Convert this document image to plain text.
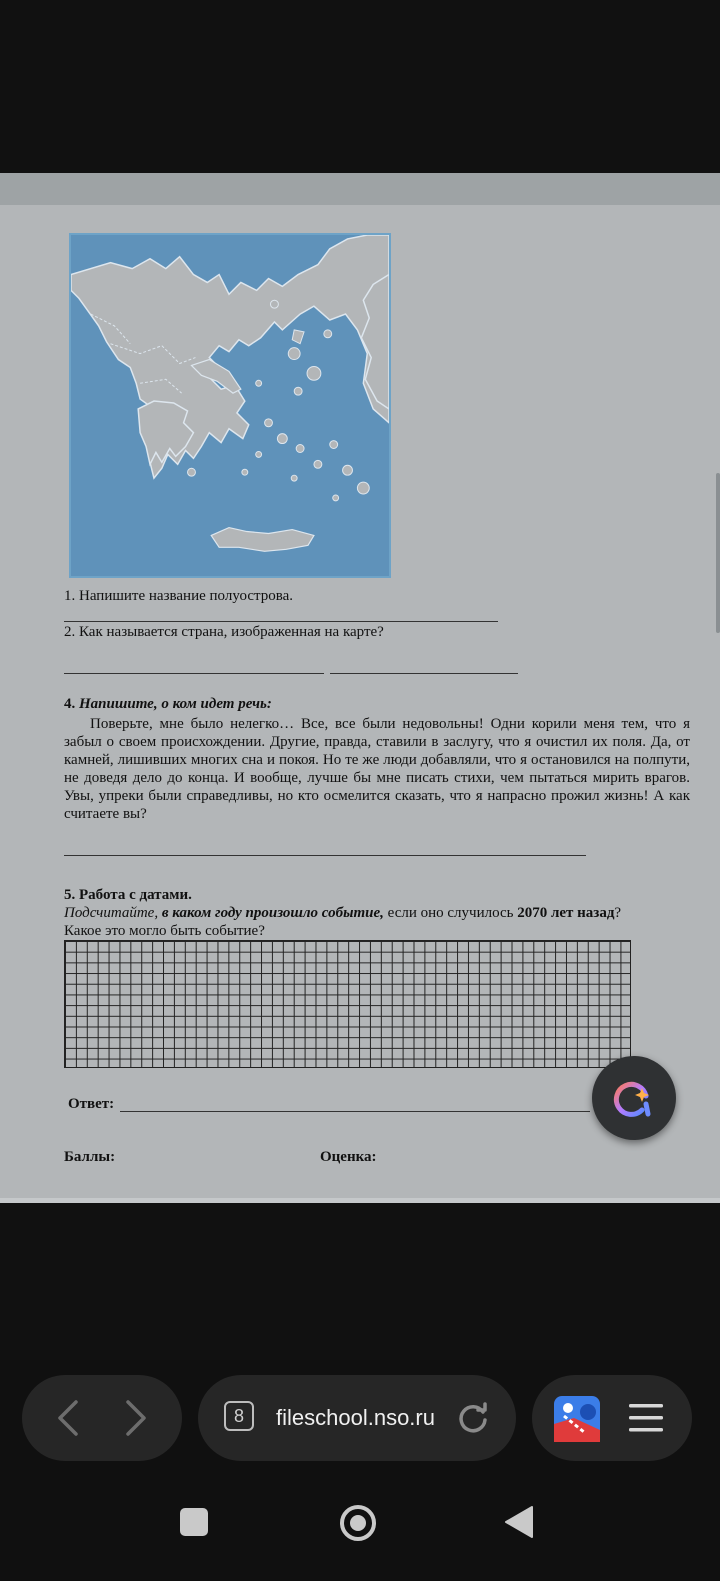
1. Напишите название полуострова.
2. Как называется страна, изображенная на карте?
4. Напишите, о ком идет речь:
Поверьте, мне было нелегко… Все, все были недовольны! Одни корили меня тем, что я забыл о своем происхождении. Другие, правда, ставили в заслугу, что я очистил их поля. Да, от камней, лишивших многих сна и покоя. Но те же люди добавляли, что я остановился на полпути, не доведя дело до конца. И вообще, лучше бы мне писать стихи, чем пытаться мирить врагов. Увы, упреки были справедливы, но кто осмелится сказать, что я напрасно прожил жизнь! А как считаете вы?
5. Работа с датами.
Подсчитайте, в каком году произошло событие, если оно случилось 2070 лет назад?
Какое это могло быть событие?
Ответ:
Баллы:	Оценка:
8	fileschool.nso.ru
